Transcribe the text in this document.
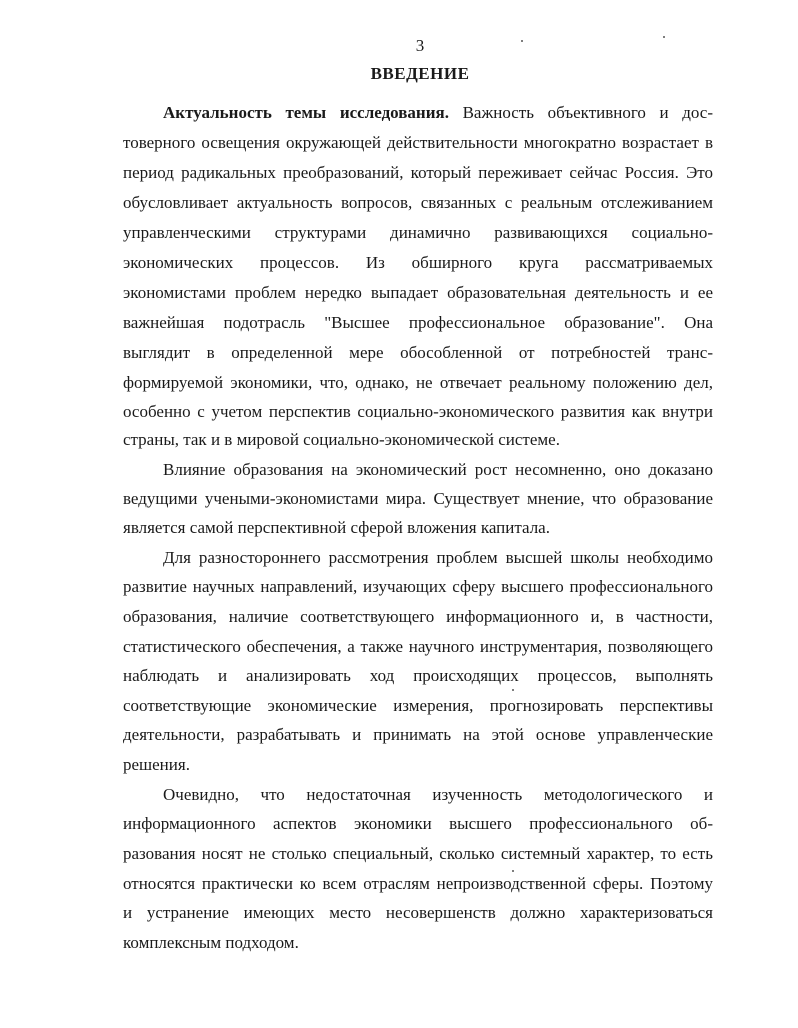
3
ВВЕДЕНИЕ
Актуальность темы исследования. Важность объективного и дос-
товерного освещения окружающей действительности многократно возрастает в
период радикальных преобразований, который переживает сейчас Россия. Это
обусловливает актуальность вопросов, связанных с реальным отслеживанием
управленческими структурами динамично развивающихся социально-
экономических процессов. Из обширного круга рассматриваемых
экономистами проблем нередко выпадает образовательная деятельность и ее
важнейшая подотрасль "Высшее профессиональное образование". Она
выглядит в определенной мере обособленной от потребностей транс-
формируемой экономики, что, однако, не отвечает реальному положению дел,
особенно с учетом перспектив социально-экономического развития как внутри
страны, так и в мировой социально-экономической системе.
Влияние образования на экономический рост несомненно, оно доказано
ведущими учеными-экономистами мира. Существует мнение, что образование
является самой перспективной сферой вложения капитала.
Для разностороннего рассмотрения проблем высшей школы необходимо
развитие научных направлений, изучающих сферу высшего профессионального
образования, наличие соответствующего информационного и, в частности,
статистического обеспечения, а также научного инструментария, позволяющего
наблюдать и анализировать ход происходящих процессов, выполнять
соответствующие экономические измерения, прогнозировать перспективы
деятельности, разрабатывать и принимать на этой основе управленческие
решения.
Очевидно, что недостаточная изученность методологического и
информационного аспектов экономики высшего профессионального об-
разования носят не столько специальный, сколько системный характер, то есть
относятся практически ко всем отраслям непроизводственной сферы. Поэтому
и устранение имеющих место несовершенств должно характеризоваться
комплексным подходом.
